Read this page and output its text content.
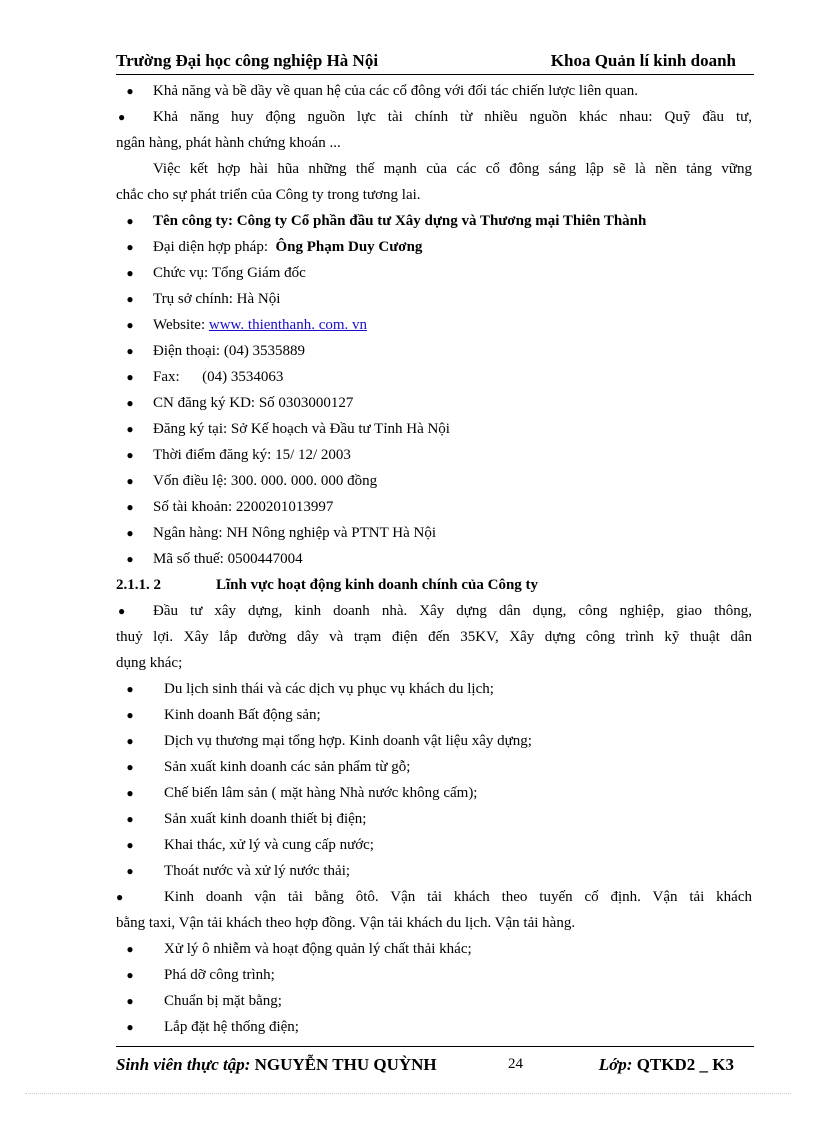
Trường Đại học công nghiệp Hà Nội	Khoa Quản lí kinh doanh
●	Khả năng và bề dầy về quan hệ của các cổ đông với đối tác chiến lược liên quan.
●	Khả năng huy động nguồn lực tài chính từ nhiều nguồn khác nhau: Quỹ đầu tư,
ngân hàng, phát hành chứng khoán ...
Việc kết hợp hài hũa những thế mạnh của các cổ đông sáng lập sẽ là nền tảng vững
chắc cho sự phát triển của Công ty trong tương lai.
●	Tên công ty: Công ty Cổ phần đầu tư Xây dựng và Thương mại Thiên Thành
●	Đại diện hợp pháp: Ông Phạm Duy Cương
●	Chức vụ: Tổng Giám đốc
●	Trụ sở chính: Hà Nội
●	Website: www. thienthanh. com. vn
●	Điện thoại: (04) 3535889
●	Fax:      (04) 3534063
●	CN đăng ký KD: Số 0303000127
●	Đăng ký tại: Sở Kế hoạch và Đầu tư Tỉnh Hà Nội
●	Thời điểm đăng ký: 15/ 12/ 2003
●	Vốn điều lệ: 300. 000. 000. 000 đồng
●	Số tài khoản: 2200201013997
●	Ngân hàng: NH Nông nghiệp và PTNT Hà Nội
●	Mã số thuế: 0500447004
2.1.1. 2	Lĩnh vực hoạt động kinh doanh chính của Công ty
●	Đầu tư xây dựng, kinh doanh nhà. Xây dựng dân dụng, công nghiệp, giao thông,
thuỷ lợi. Xây lắp đường dây và trạm điện đến 35KV, Xây dựng công trình kỹ thuật dân
dụng khác;
●	Du lịch sinh thái và các dịch vụ phục vụ khách du lịch;
●	Kinh doanh Bất động sản;
●	Dịch vụ thương mại tổng hợp. Kinh doanh vật liệu xây dựng;
●	Sản xuất kinh doanh các sản phẩm từ gỗ;
●	Chế biến lâm sản ( mặt hàng Nhà nước không cấm);
●	Sản xuất kinh doanh thiết bị điện;
●	Khai thác, xử lý và cung cấp nước;
●	Thoát nước và xử lý nước thải;
●	Kinh doanh vận tải bằng ôtô. Vận tải khách theo tuyến cố định. Vận tải khách
bằng taxi, Vận tải khách theo hợp đồng. Vận tải khách du lịch. Vận tải hàng.
●	Xử lý ô nhiễm và hoạt động quản lý chất thải khác;
●	Phá dỡ công trình;
●	Chuẩn bị mặt bằng;
●	Lắp đặt hệ thống điện;
Sinh viên thực tập: NGUYỄN THU QUỲNH	24	Lớp: QTKD2 _ K3
